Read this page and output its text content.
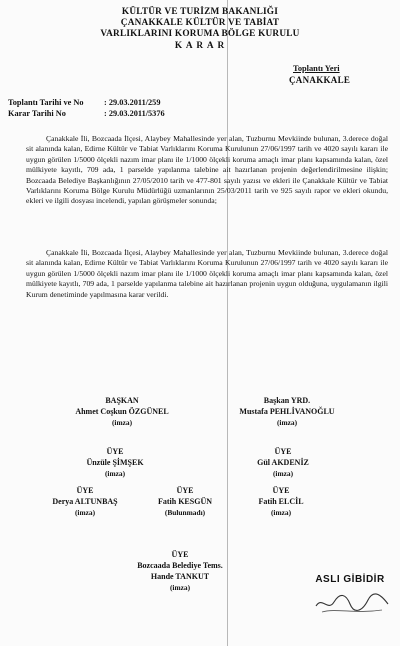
KÜLTÜR VE TURİZM BAKANLIĞI
ÇANAKKALE KÜLTÜR VE TABİAT
VARLIKLARINI KORUMA BÖLGE KURULU
K A R A R
Toplantı Yeri
ÇANAKKALE
Toplantı Tarihi ve No : 29.03.2011/259
Karar Tarihi No	: 29.03.2011/5376

Çanakkale İli, Bozcaada İlçesi, Alaybey Mahallesinde yer alan, Tuzburnu Mevkiinde bulunan, 3.derece doğal sit alanında kalan, Edirne Kültür ve Tabiat Varlıklarını Koruma Kurulunun 27/06/1997 tarih ve 4020 sayılı kararı ile uygun görülen 1/5000 ölçekli nazım imar planı ile 1/1000 ölçekli koruma amaçlı imar planı kapsamında kalan, özel mülkiyete kayıtlı, 709 ada, 1 parselde yapılanma talebine ait hazırlanan projenin değerlendirilmesine ilişkin; Bozcaada Belediye Başkanlığının 27/05/2010 tarih ve 477-801 sayılı yazısı ve ekleri ile Çanakkale Kültür ve Tabiat Varlıklarını Koruma Bölge Kurulu Müdürlüğü uzmanlarının 25/03/2011 tarih ve 925 sayılı rapor ve ekleri okundu, ekleri ve ilgili dosyası incelendi, yapılan görüşmeler sonunda;

Çanakkale İli, Bozcaada İlçesi, Alaybey Mahallesinde yer alan, Tuzburnu Mevkiinde bulunan, 3.derece doğal sit alanında kalan, Edirne Kültür ve Tabiat Varlıklarını Koruma Kurulunun 27/06/1997 tarih ve 4020 sayılı kararı ile uygun görülen 1/5000 ölçekli nazım imar planı ile 1/1000 ölçekli koruma amaçlı imar planı kapsamında kalan, özel mülkiyete kayıtlı, 709 ada, 1 parselde yapılanma talebine ait hazırlanan projenin uygun olduğuna, uygulamanın ilgili Kurum denetiminde yapılmasına karar verildi.

BAŞKAN
Ahmet Coşkun ÖZGÜNEL
(imza)
Başkan YRD.
Mustafa PEHLİVANOĞLU
(imza)
ÜYE
Ünzüle ŞİMŞEK
(imza)
ÜYE
Gül AKDENİZ
(imza)
ÜYE
Derya ALTUNBAŞ
(imza)
ÜYE
Fatih KESGÜN
(Bulunmadı)
ÜYE
Fatih ELCİL
(imza)
ÜYE
Bozcaada Belediye Tems.
Hande TANKUT
(imza)
ASLI GİBİDİR
